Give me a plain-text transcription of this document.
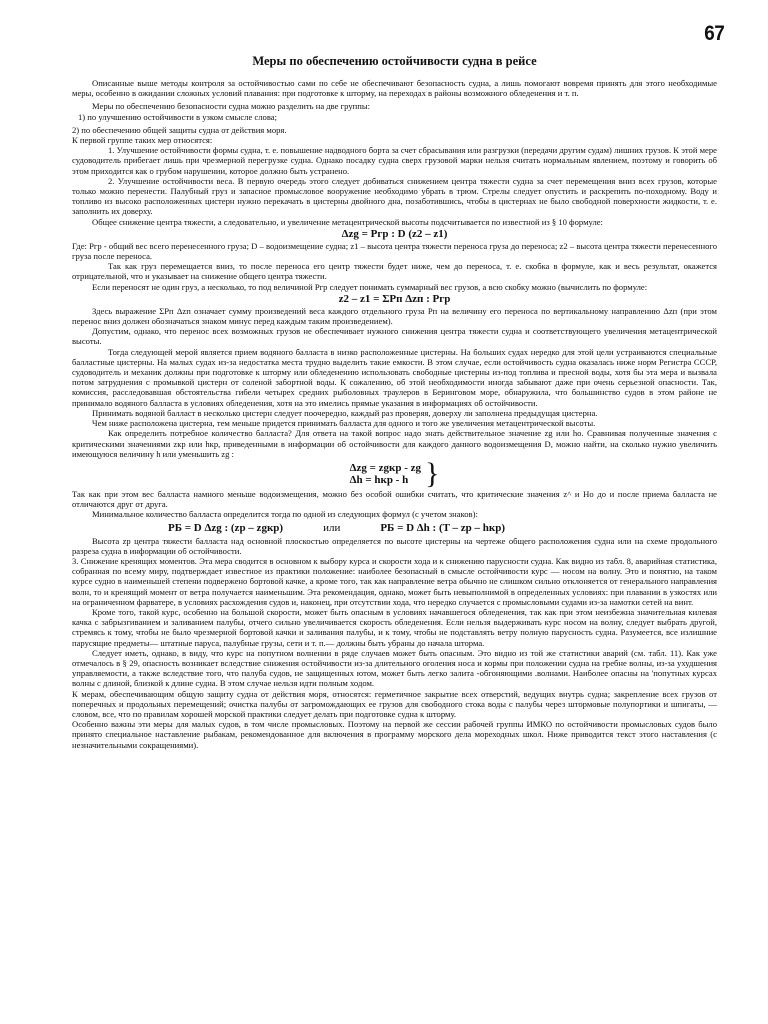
67
Меры по обеспечению остойчивости судна в рейсе

Описанные выше методы контроля за остойчивостью сами по себе не обеспечивают безопасность судна, а лишь помогают вовремя принять для этого необходимые меры, особенно в ожидании сложных условий плавания: при подготовке к шторму, на переходах в районы возможного обледенения и т. п.

Меры по обеспечению безопасности судна можно разделить на две группы:

1) по улучшению остойчивости в узком смысле слова;

2) по обеспечению общей защиты судна от действия моря.

К первой группе таких мер относятся:

1. Улучшение остойчивости формы судна, т. е. повышение надводного борта за счет сбрасывания или разгрузки (передачи другим судам) лишних грузов. К этой мере судоводитель прибегает лишь при чрезмерной перегрузке судна. Однако посадку судна сверх грузовой марки нельзя считать нормальным явлением, поэтому и говорить об этом приходится как о грубом нарушении, которое должно быть устранено.

2. Улучшение остойчивости веса. В первую очередь этого следует добиваться снижением центра тяжести судна за счет перемещения вниз всех грузов, которые только можно перенести. Палубный груз и запасное промысловое вооружение необходимо убрать в трюм. Стрелы следует опустить и раскрепить по-походному. Воду и топливо из высоко расположенных цистерн нужно перекачать в цистерны двойного дна, позаботившись, чтобы в цистернах не было свободной поверхности жидкости, т. е. заполнить их доверху.

Общее снижение центра тяжести, а следовательно, и увеличение метацентрической высоты подсчитывается по известной из § 10 формуле:

Δzg = Pгр : D (z2 – z1)

Где: Pгр - общий вес всего перенесенного груза; D – водоизмещение судна; z1 – высота центра тяжести переноса груза до переноса; z2 – высота центра тяжести перенесенного груза после переноса.

Так как груз перемещается вниз, то после переноса его центр тяжести будет ниже, чем до переноса, т. е. скобка в формуле, как и весь результат, окажется отрицательной, что и указывает на снижение общего центра тяжести.

Если переносят не один груз, а несколько, то под величиной Pгр следует понимать суммарный вес грузов, а всю скобку можно (вычислить по формуле:

z2 – z1 = ΣPп Δzп : Pгр

Здесь выражение ΣPп Δzп означает сумму произведений веса каждого отдельного груза Pп на величину его переноса по вертикальному направлению Δzп (при этом перенос вниз должен обозначаться знаком минус перед каждым таким произведением).

Допустим, однако, что перенос всех возможных грузов не обеспечивает нужного снижения центра тяжести судна и соответствующего увеличения метацентрической высоты.

Тогда следующей мерой является прием водяного балласта в низко расположенные цистерны. На больших судах нередко для этой цели устраиваются специальные балластные цистерны. На малых судах из-за недостатка места трудно выделить такие емкости. В этом случае, если остойчивость судна оказалась ниже норм Регистра СССР, судоводитель и механик должны при подготовке к шторму или обледенению использовать свободные цистерны из-под топлива и пресной воды, хотя бы эта мера и вызвала потом затруднения с промывкой цистерн от соленой забортной воды. К сожалению, об этой необходимости иногда забывают даже при очень серьезной опасности. Так, комиссия, расследовавшая обстоятельства гибели четырех средних рыболовных траулеров в Беринговом море, обнаружила, что большинство судов в этом районе не принимало водяного балласта в условиях обледенения, хотя на это имелись прямые указания в информациях об остойчивости.

Принимать водяной балласт в несколько цистерн следует поочередно, каждый раз проверяя, доверху ли заполнена предыдущая цистерна.

Чем ниже расположена цистерна, тем меньше придется принимать балласта для одного и того же увеличения метацентрической высоты.

Как определить потребное количество балласта? Для ответа на такой вопрос надо знать действительное значение zg или hо. Сравнивая полученные значения с критическими значениями zкр или hкр, приведенными в информации об остойчивости для каждого данного водоизмещения D, можно найти, на сколько нужно увеличить имеющуюся величину h или уменьшить zg :

Δzg = zgкр - zg
Δh = hкр - h }

Так как при этом вес балласта намного меньше водоизмещения, можно без особой ошибки считать, что критические значения z^ и Hо до и после приема балласта не отличаются друг от друга.

Минимальное количество балласта определится тогда по одной из следующих формул (с учетом знаков):

PБ = D Δzg : (zp – zgкр)	или	PБ = D Δh : (T – zp – hкр)

Высота zр центра тяжести балласта над основной плоскостью определяется по высоте цистерны на чертеже общего расположения судна или на схеме продольного разреза судна в информации об остойчивости.

3. Снижение кренящих моментов. Эта мера сводится в основном к выбору курса и скорости хода и к снижению парусности судна. Как видно из табл. 8, аварийная статистика, собранная по всему миру, подтверждает известное из практики положение: наиболее безопасный в смысле остойчивости курс — носом на волну. Это и понятно, на таком курсе судно в наименьшей степени подвержено бортовой качке, а кроме того, так как направление ветра обычно не слишком сильно отклоняется от генерального направления волн, то и кренящий момент от ветра получается наименьшим. Эта рекомендация, однако, может быть невыполнимой в определенных условиях: при плавании в узкостях или на ограниченном фарватере, в условиях расхождения судов и, наконец, при отсутствии хода, что нередко случается с промысловыми судами из-за намотки сетей на винт.

Кроме того, такой курс, особенно на большой скорости, может быть опасным в условиях начавшегося обледенения, так как при этом неизбежна значительная килевая качка с забрызгиванием и заливанием палубы, отчего сильно увеличивается скорость обледенения. Если нельзя выдерживать курс носом на волну, следует выбрать другой, стремясь к тому, чтобы не было чрезмерной бортовой качки и заливания палубы, и к тому, чтобы не подставлять ветру полную парусность судна. Разумеется, все излишние парусящие предметы— штатные паруса, палубные грузы, сети и т. п.— должны быть убраны до начала шторма.

Следует иметь, однако, в виду, что курс на попутном волнении в ряде случаев может быть опасным. Это видно из той же статистики аварий (см. табл. 11). Как уже отмечалось в § 29, опасность возникает вследствие снижения остойчивости из-за длительного оголения носа и кормы при положении судна на гребне волны, из-за ухудшения управляемости, а также вследствие того, что палуба судов, не защищенных ютом, может быть легко залита -обгоняющими .волнами. Наиболее опасны на 'попутных курсах волны с длиной, близкой к длине судна. В этом случае нельзя идти полным ходом.

К мерам, обеспечивающим общую защиту судна от действия моря, относятся: герметичное закрытие всех отверстий, ведущих внутрь судна; закрепление всех грузов от поперечных и продольных перемещений; очистка палубы от загромождающих ее грузов для свободного стока воды с палубы через штормовые полупортики и шпигаты, — словом, все, что по правилам хорошей морской практики следует делать при подготовке судна к шторму.

Особенно важны эти меры для малых судов, в том числе промысловых. Поэтому на первой же сессии рабочей группы ИМКО по остойчивости промысловых судов было принято специальное наставление рыбакам, рекомендованное для включения в программу морского дела мореходных школ. Ниже приводится текст этого наставления (с незначительными сокращениями).
